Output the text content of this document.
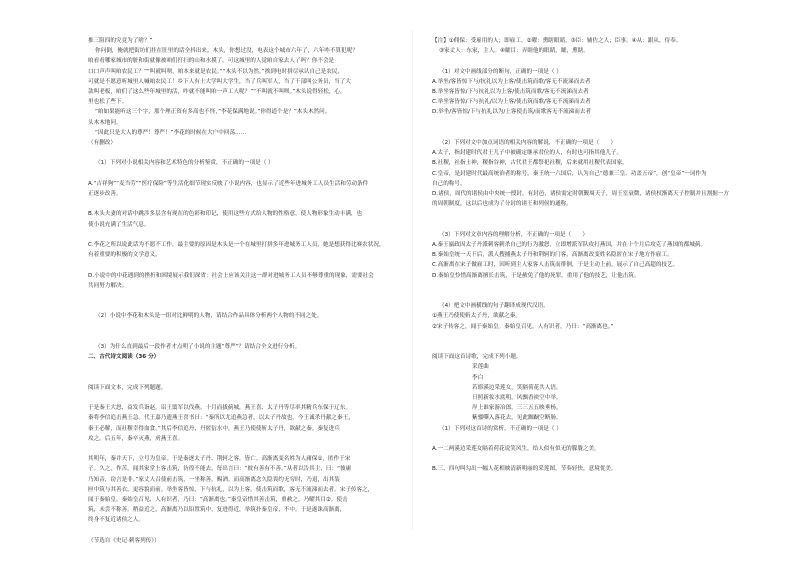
推三阻四的究竟为了啥？”
你问倒，俺就把街坊们挂在肚里的话全抖出来。木头，你想过没，电表这个城市六年了，六年咋不算犯呢？
咱看看哪家城市的脏和街就像被咱们打扫的山和水摸了。可这城里的人觉咱自家去人了吗？你不会是
口口声声叫咱农民工？”“叫就叫呗，咱本来就是农民。”“木头不以为然。”挨到电时拼尽承认自己是农民，
可就是不愿意听城里人喊咱农民工！乡下人有土大学叫大学生，当了兵叫军人，当了干部叫公务员，当了大
款叫老板，咱们了这么些年城里的活，咋就不能叫咱一声工人呢？”“不叫就不叫呗。”木头说得轻松，心，
里也松了些下。
“咱如果能听这三个字，那个理正资有多高也不怪，”李花保满地说。”你得道个是？”木头木然问。
头木木地问。
“因此只是大人的尊严！尊严！”李花的时候在大户中回荡……
（有删改）
（1）下列对小说相关内容和艺术特色的分析鉴赏，不正确的一项是（ ）
A.“吉祥狗”“麦当劳”“医疗保险”等生活化细节现实反映了小说内容，也显示了近些年进城务工人员生活和劳动条件
正逐步改善。
B.木头夫妻的对话中跳涉多层含有现在的色彩和印记，使用这些方式给人物的性格意，使人物形象生动丰满，也
使小说充满了生活气息。
C.李花之所以说此话为不愿不工作，最主要的原因是木头是一个在城里打拼多年进城务工人员，她是想获得比赛农状况，
有着重要的积极的文学意义。
D.小说中的中花遇到的挫折和困境展示我们深省：社会上应该关注这一群对进城务工人员不够尊重的现象，需要社会
共同努力解决。
（2）小说中李花和木头是一组对比鲜明的人物，请结合作品具体分析两个人物的不同之处。
（3）为什么直到最后一段作者才点明了小说的主题“尊严”？请结合全文进行分析。
二、古代诗文阅读（36 分）
阅读下面文本，完成下列题题。
于是秦王大怒，益发兵诣赵，诏王翦军以伐燕。十月而拔蓟城，燕王喜、太子丹等尽率其精兵东保于辽东。
秦将李信追击燕王急。代王嘉乃遗燕王喜书曰：“秦所以尤追燕急者，以太子丹故也。今王诚杀丹献之秦王，
秦王必解，而社稷幸得血食。”其后李信追丹，丹匿衍水中，燕王乃使使斩太子丹，欲献之秦。秦复进兵
攻之。后五年，秦卒灭燕，虏燕王喜。
其明年，秦并天下，立号为皇帝。于是秦逐太子丹、荆轲之客，皆亡。高渐离变名姓为人庸保①，匿作于宋
子。久之，作苦，闻其家堂上客击筑，彷徨不能去。每出言曰：“彼有善有不善。”从者以告其主，曰：“彼庸
乃知音，窃言是非。”家丈人召使前击筑，一坐称善，赐酒。而高渐离念久隐畏约无穷时，乃退，出其装
匣中筑与其善衣，更容貌而前。举坐客皆惊，下与抗礼，以为上客。使击筑而歌，客无不流涕而去者。宋子传客之，
闻于秦始皇。秦始皇召见，人有识者，乃曰：“高渐离也。”秦皇帝惜其善击筑，重赦之，乃曜其目②。使击
筑，未尝不称善。稍益近之，高渐离乃以铅置筑中，复进得近，举筑扑秦皇帝，不中。于是遂诛高渐离，
终身不复近诸侯之人。
（节选自《史记·刺客列传》）
【注】①佣保：受雇用的人；即雇工。②曜：熏瞎眼睛。③臣：辅佐之人；臣事。④从：跟从，侍奉。
③家丈人：东家，主人。④矐目：弄瞎他的眼睛，矐，熏瞎。
（1）对文中画线部分的断句，正确的一项是（ ）
A.举坐/客皆惊下与/抗礼以为上客/使击筑而歌/客无不流涕而去者
B.举坐客皆惊/下与抗礼以为上客/使击筑而歌/客无不流涕而去者
C.举坐客皆惊/下与抗礼/以为上客/使击筑而歌/客无不流涕而去者
D.举坐/客皆惊/下与抗礼以为/上客使击筑/而歌客无不流涕而去者
（2）下列对文中加点词语的相关内容的解说，不正确的一项是（　　）
A.太子，指封建时代君王儿子中被确定继承君位的人，有时也可指其他儿子。
B.社稷，社指土神，稷指谷神，古代君王都祭祀社稷，后来就用社稷代表国家。
C.皇帝，是封建时代最高统治者的称号。秦王统一六国后，认为自己“德兼三皇、功盖五帝”，创“皇帝”一词作为
自己的称号。
D.诸侯，周代的诸侯由中央统一授封，有封邑，诸侯需定时朝觐周天子，周王室衰微，诸侯权渐离天子控制并且割据一方
的周朝制度，这以后也成为了分封的诸王和列侯的通称。
（3）下列对文章内容的理解分析，不正确的一项是（　　）
A.秦王嬴政因太子丹派刺客刺杀自己的行为激怒，立即增派军队攻打燕国，并在十个月后攻克了燕国的都城蓟。
B.秦始皇统一天下后，派人搜捕燕太子丹和荆轲的门客，高渐离改变姓名隐匿在宋子地方作雇工。
C.高渐离在宋子做雇工时，因听到主人家客人击筑而徘徊，于是主动上前，展示了自己高超的技艺。
D.秦始皇怜惜高渐离擅长击筑，于是赦免了他的死罪，重用了他的技艺，让他击筑。
（4）把文中画横线的句子翻译成现代汉语。
①燕王乃使使斩太子丹，欲献之秦。
②宋子传客之，闻于秦始皇。秦始皇召见，人有识者，乃曰：“高渐离也。”
阅读下面这首诗歌，完成下列小题。
采莲曲
李白
若耶溪边采莲女，笑隔荷花共人语。
日照新妆水底明，风飘香袂空中举。
岸上谁家游冶郎，三三五五映垂杨。
紫骝嘶入落花去，见此踟蹰空断肠。
（1）下列对这首诗的赏析，不正确的一项是（ ）
A.一二两溪边采莲女隔着荷花说笑风生，给人似有似无的朦胧之美。
B.三、四句叫勾出一幅人花相映清新明丽的采莲图，节奏轻快，意境优美。
